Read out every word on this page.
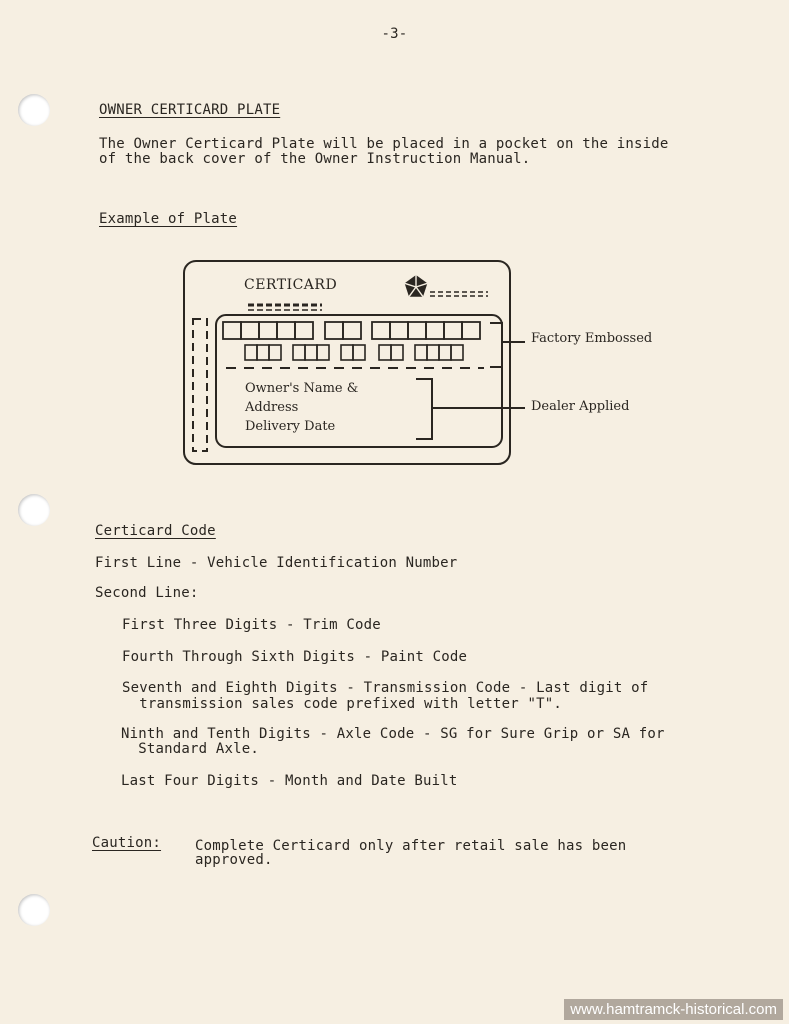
-3-
OWNER CERTICARD PLATE
The Owner Certicard Plate will be placed in a pocket on the inside
of the back cover of the Owner Instruction Manual.
Example of Plate
CERTICARD
Owner's Name &
Address
Delivery Date
Factory Embossed
Dealer Applied
Certicard Code
First Line - Vehicle Identification Number
Second Line:
First Three Digits - Trim Code
Fourth Through Sixth Digits - Paint Code
Seventh and Eighth Digits - Transmission Code - Last digit of
transmission sales code prefixed with letter "T".
Ninth and Tenth Digits - Axle Code - SG for Sure Grip or SA for
Standard Axle.
Last Four Digits - Month and Date Built
Caution: Complete Certicard only after retail sale has been
approved.
www.hamtramck-historical.com
